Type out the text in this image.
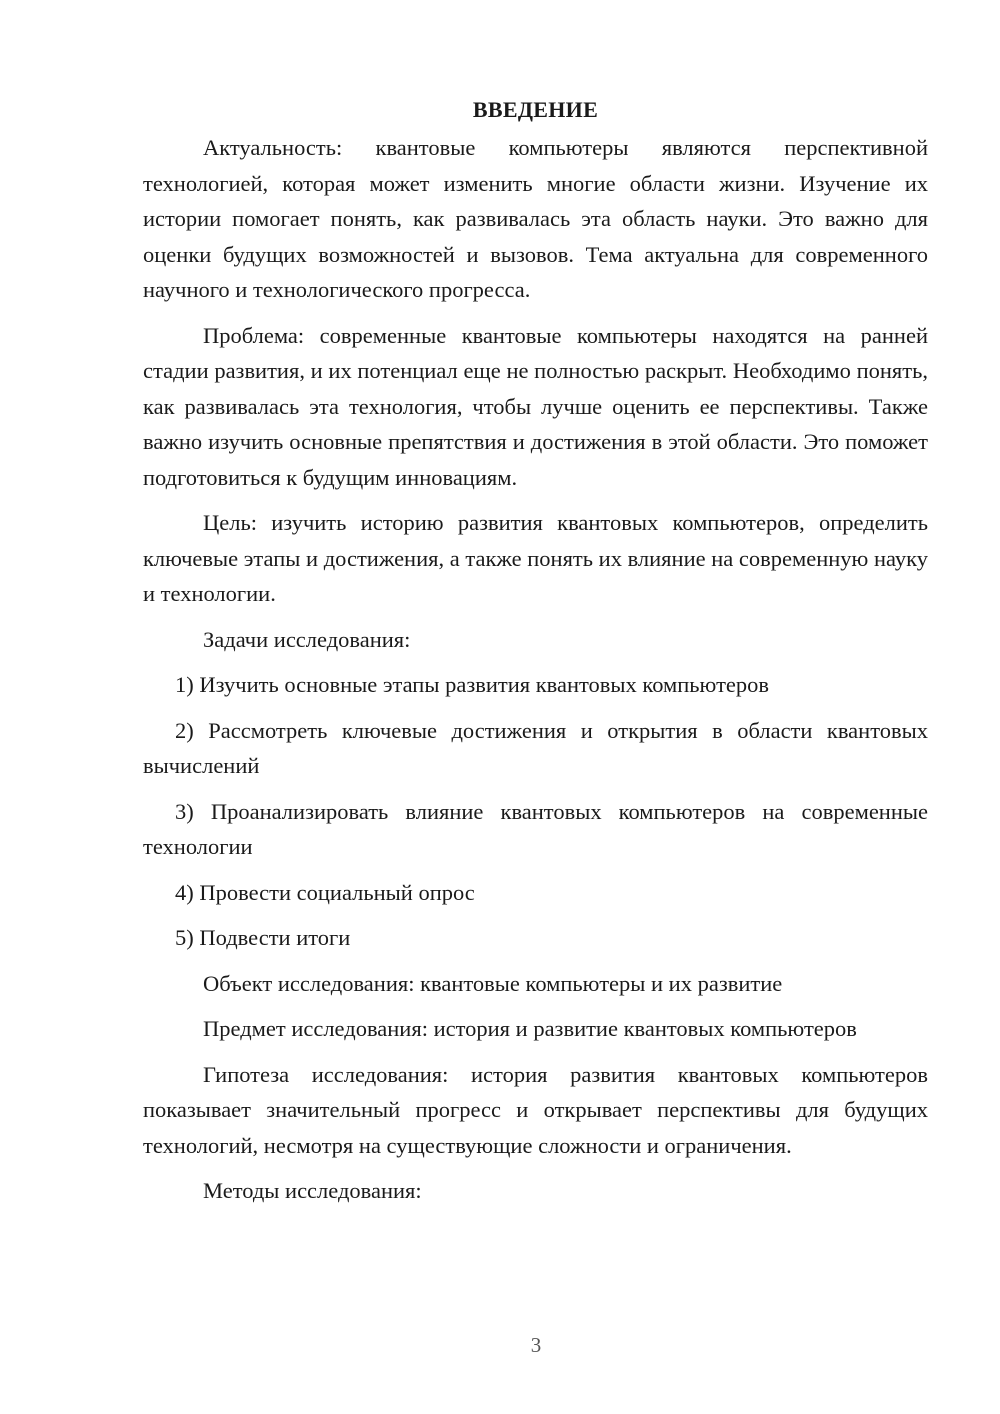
ВВЕДЕНИЕ

Актуальность: квантовые компьютеры являются перспективной технологией, которая может изменить многие области жизни. Изучение их истории помогает понять, как развивалась эта область науки. Это важно для оценки будущих возможностей и вызовов. Тема актуальна для современного научного и технологического прогресса.

Проблема: современные квантовые компьютеры находятся на ранней стадии развития, и их потенциал еще не полностью раскрыт. Необходимо понять, как развивалась эта технология, чтобы лучше оценить ее перспективы. Также важно изучить основные препятствия и достижения в этой области. Это поможет подготовиться к будущим инновациям.

Цель: изучить историю развития квантовых компьютеров, определить ключевые этапы и достижения, а также понять их влияние на современную науку и технологии.

Задачи исследования:

1) Изучить основные этапы развития квантовых компьютеров

2) Рассмотреть ключевые достижения и открытия в области квантовых вычислений

3) Проанализировать влияние квантовых компьютеров на современные технологии

4) Провести социальный опрос

5) Подвести итоги

Объект исследования: квантовые компьютеры и их развитие

Предмет исследования: история и развитие квантовых компьютеров

Гипотеза исследования: история развития квантовых компьютеров показывает значительный прогресс и открывает перспективы для будущих технологий, несмотря на существующие сложности и ограничения.

Методы исследования:

3
